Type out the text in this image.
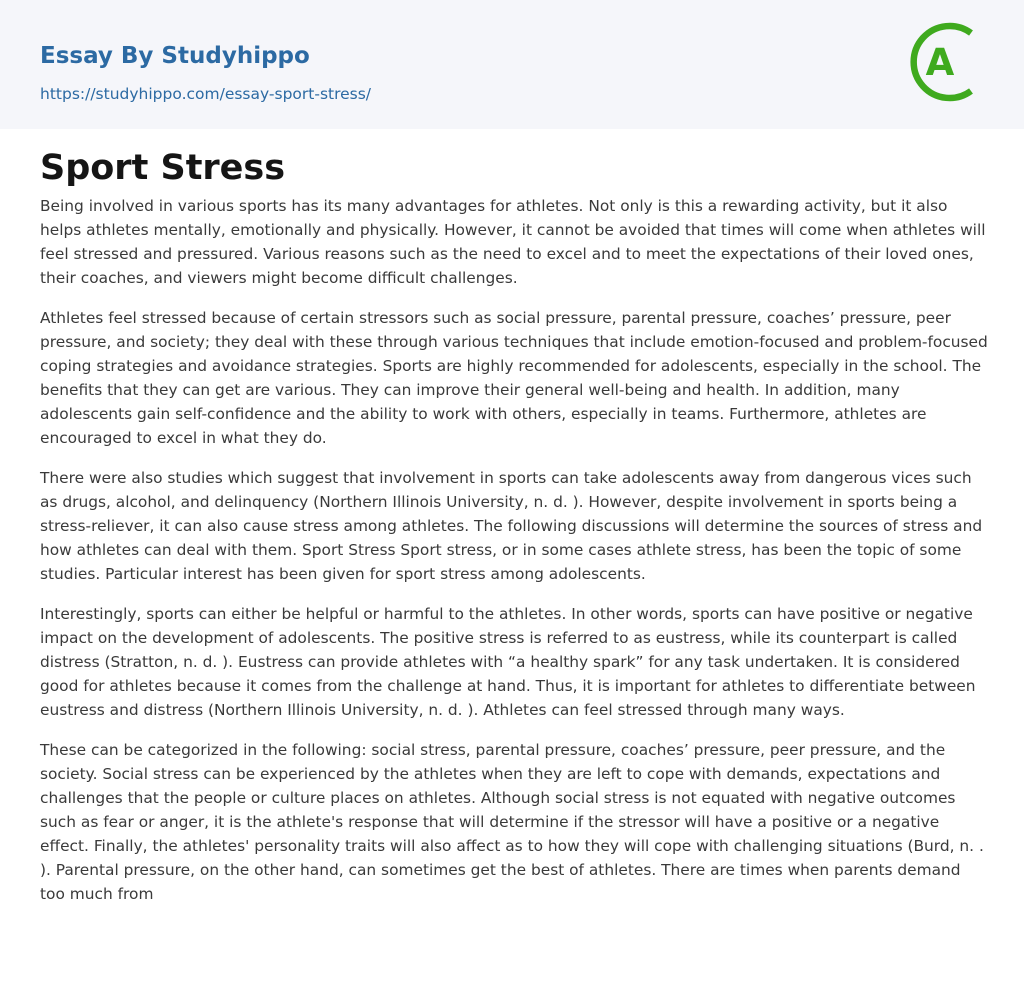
Essay By Studyhippo
https://studyhippo.com/essay-sport-stress/
A
Sport Stress

Being involved in various sports has its many advantages for athletes. Not only is this a rewarding activity, but it also helps athletes mentally, emotionally and physically. However, it cannot be avoided that times will come when athletes will feel stressed and pressured. Various reasons such as the need to excel and to meet the expectations of their loved ones, their coaches, and viewers might become difficult challenges.

Athletes feel stressed because of certain stressors such as social pressure, parental pressure, coaches’ pressure, peer pressure, and society; they deal with these through various techniques that include emotion-focused and problem-focused coping strategies and avoidance strategies. Sports are highly recommended for adolescents, especially in the school. The benefits that they can get are various. They can improve their general well-being and health. In addition, many adolescents gain self-confidence and the ability to work with others, especially in teams. Furthermore, athletes are encouraged to excel in what they do.

There were also studies which suggest that involvement in sports can take adolescents away from dangerous vices such as drugs, alcohol, and delinquency (Northern Illinois University, n. d. ). However, despite involvement in sports being a stress-reliever, it can also cause stress among athletes. The following discussions will determine the sources of stress and how athletes can deal with them. Sport Stress Sport stress, or in some cases athlete stress, has been the topic of some studies. Particular interest has been given for sport stress among adolescents.

Interestingly, sports can either be helpful or harmful to the athletes. In other words, sports can have positive or negative impact on the development of adolescents. The positive stress is referred to as eustress, while its counterpart is called distress (Stratton, n. d. ). Eustress can provide athletes with “a healthy spark” for any task undertaken. It is considered good for athletes because it comes from the challenge at hand. Thus, it is important for athletes to differentiate between eustress and distress (Northern Illinois University, n. d. ). Athletes can feel stressed through many ways.

These can be categorized in the following: social stress, parental pressure, coaches’ pressure, peer pressure, and the society. Social stress can be experienced by the athletes when they are left to cope with demands, expectations and challenges that the people or culture places on athletes. Although social stress is not equated with negative outcomes such as fear or anger, it is the athlete's response that will determine if the stressor will have a positive or a negative effect. Finally, the athletes' personality traits will also affect as to how they will cope with challenging situations (Burd, n. . ). Parental pressure, on the other hand, can sometimes get the best of athletes. There are times when parents demand too much from
